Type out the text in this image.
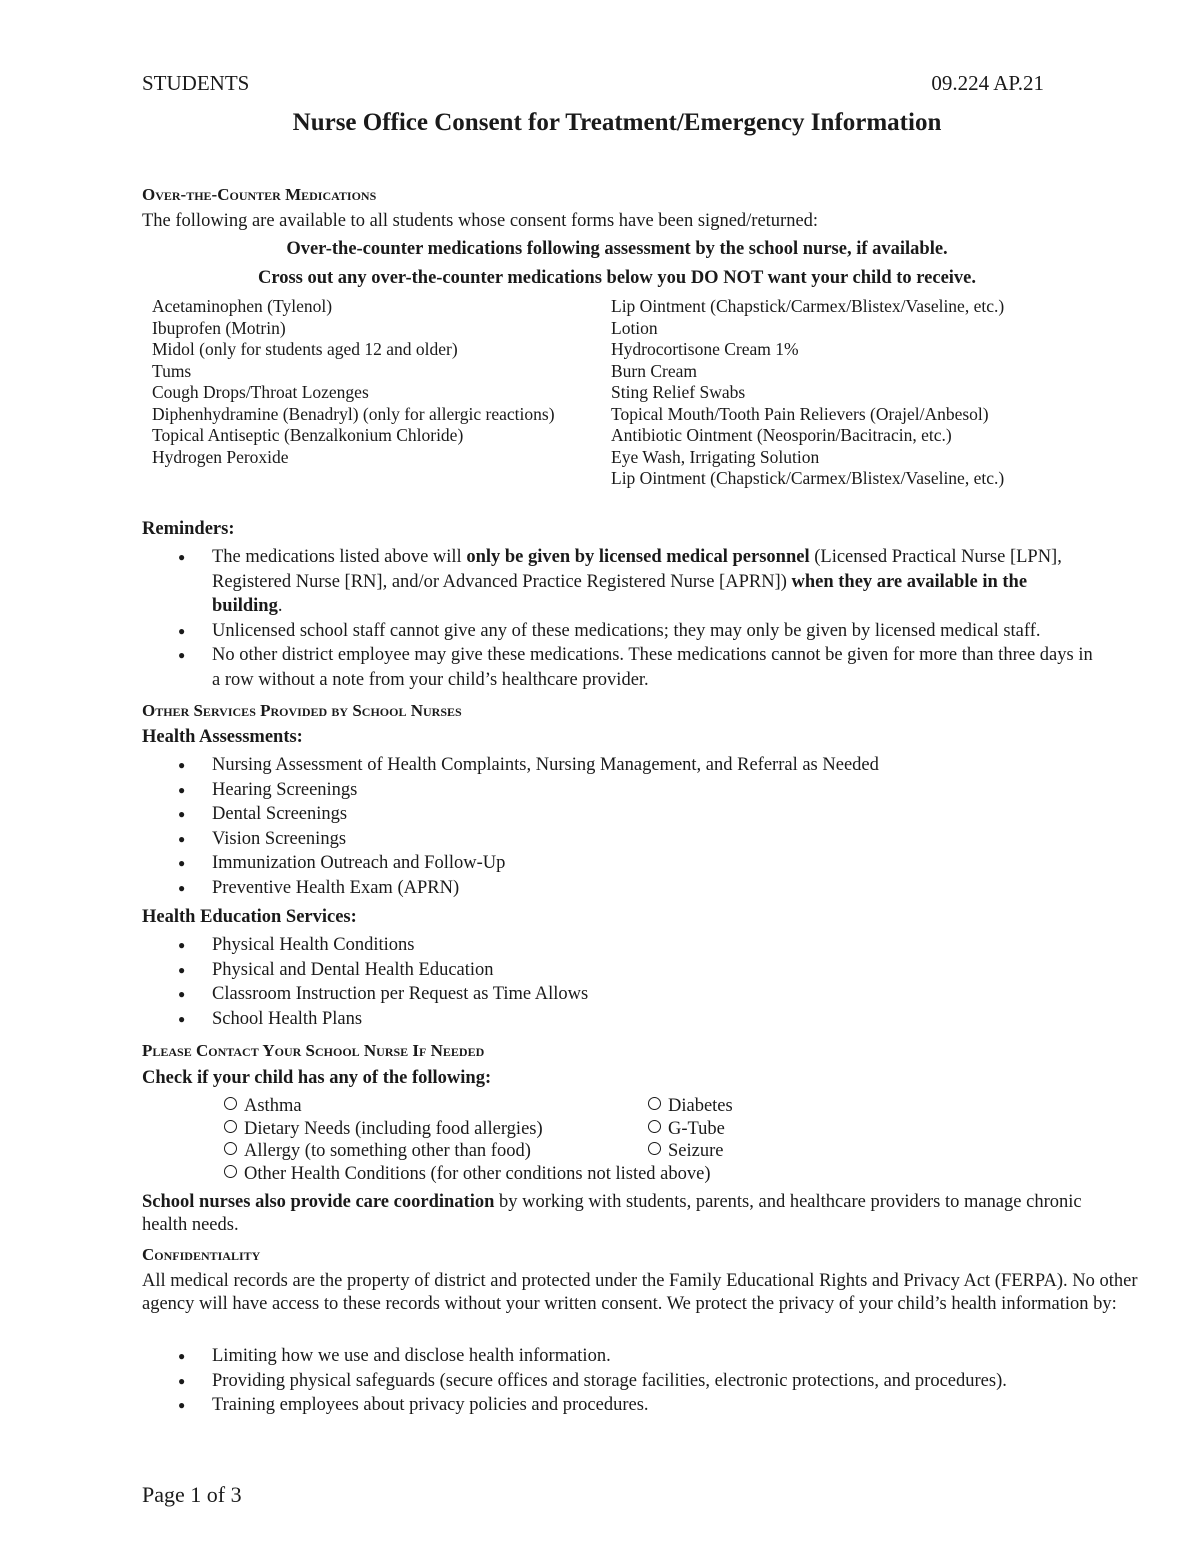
STUDENTS	09.224 AP.21
Nurse Office Consent for Treatment/Emergency Information
Over-the-Counter Medications
The following are available to all students whose consent forms have been signed/returned:
Over-the-counter medications following assessment by the school nurse, if available.
Cross out any over-the-counter medications below you DO NOT want your child to receive.
Acetaminophen (Tylenol)
Ibuprofen (Motrin)
Midol (only for students aged 12 and older)
Tums
Cough Drops/Throat Lozenges
Diphenhydramine (Benadryl) (only for allergic reactions)
Topical Antiseptic (Benzalkonium Chloride)
Hydrogen Peroxide
Lip Ointment (Chapstick/Carmex/Blistex/Vaseline, etc.)
Lotion
Hydrocortisone Cream 1%
Burn Cream
Sting Relief Swabs
Topical Mouth/Tooth Pain Relievers (Orajel/Anbesol)
Antibiotic Ointment (Neosporin/Bacitracin, etc.)
Eye Wash, Irrigating Solution
Lip Ointment (Chapstick/Carmex/Blistex/Vaseline, etc.)
Reminders:
● The medications listed above will only be given by licensed medical personnel (Licensed Practical Nurse [LPN], Registered Nurse [RN], and/or Advanced Practice Registered Nurse [APRN]) when they are available in the building.
● Unlicensed school staff cannot give any of these medications; they may only be given by licensed medical staff.
● No other district employee may give these medications. These medications cannot be given for more than three days in a row without a note from your child’s healthcare provider.
Other Services Provided by School Nurses
Health Assessments:
● Nursing Assessment of Health Complaints, Nursing Management, and Referral as Needed
● Hearing Screenings
● Dental Screenings
● Vision Screenings
● Immunization Outreach and Follow-Up
● Preventive Health Exam (APRN)
Health Education Services:
● Physical Health Conditions
● Physical and Dental Health Education
● Classroom Instruction per Request as Time Allows
● School Health Plans
Please Contact Your School Nurse If Needed
Check if your child has any of the following:
Asthma
Dietary Needs (including food allergies)
Allergy (to something other than food)
Other Health Conditions (for other conditions not listed above)
Diabetes
G-Tube
Seizure
School nurses also provide care coordination by working with students, parents, and healthcare providers to manage chronic health needs.
Confidentiality
All medical records are the property of district and protected under the Family Educational Rights and Privacy Act (FERPA). No other agency will have access to these records without your written consent. We protect the privacy of your child’s health information by:
● Limiting how we use and disclose health information.
● Providing physical safeguards (secure offices and storage facilities, electronic protections, and procedures).
● Training employees about privacy policies and procedures.
Page 1 of 3
